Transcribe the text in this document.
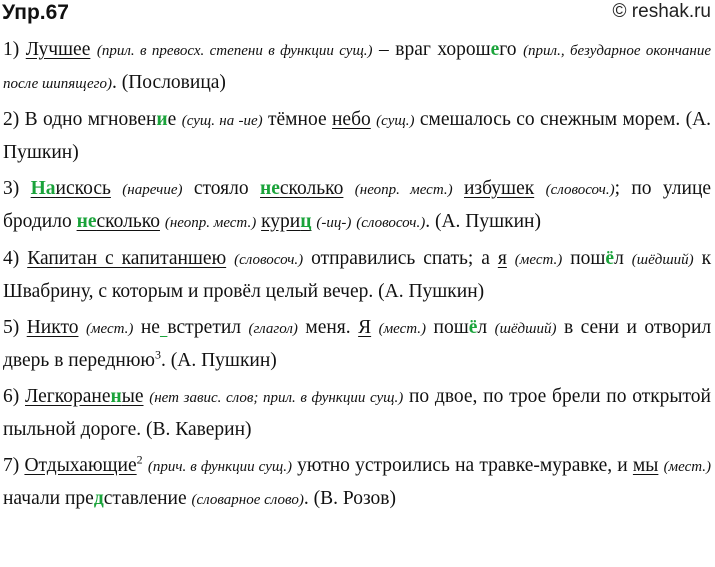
Упр.67	© reshak.ru

1) Лучшее (прил. в превосх. степени в функции сущ.) – враг хорошего (прил., безударное окончание после шипящего). (Пословица)

2) В одно мгновение (сущ. на -ие) тёмное небо (сущ.) смешалось со снежным морем. (А. Пушкин)

3) Наискось (наречие) стояло несколько (неопр. мест.) избушек (словосоч.); по улице бродило несколько (неопр. мест.) куриц (-иц-) (словосоч.). (А. Пушкин)

4) Капитан с капитаншею (словосоч.) отправились спать; а я (мест.) пошёл (шёдший) к Швабрину, с которым и провёл целый вечер. (А. Пушкин)

5) Никто (мест.) не встретил (глагол) меня. Я (мест.) пошёл (шёдший) в сени и отворил дверь в переднюю$^3$. (А. Пушкин)

6) Легкораненые (нет завис. слов; прил. в функции сущ.) по двое, по трое брели по открытой пыльной дороге. (В. Каверин)

7) Отдыхающие$^2$ (прич. в функции сущ.) уютно устроились на травке-муравке, и мы (мест.) начали представление (словарное слово). (В. Розов)
